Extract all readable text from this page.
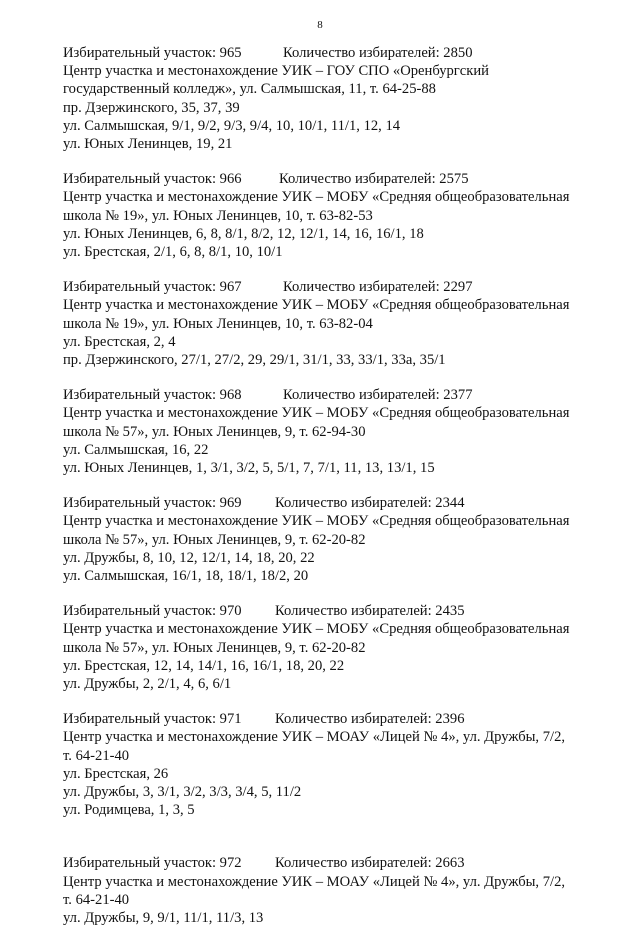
8
Избирательный участок: 965	Количество избирателей: 2850
Центр участка и местонахождение УИК – ГОУ СПО «Оренбургский
государственный колледж», ул. Салмышская, 11, т. 64-25-88
пр. Дзержинского, 35, 37, 39
ул. Салмышская, 9/1, 9/2, 9/3, 9/4, 10, 10/1, 11/1, 12, 14
ул. Юных Ленинцев, 19, 21
Избирательный участок: 966	Количество избирателей: 2575
Центр участка и местонахождение УИК – МОБУ «Средняя общеобразовательная
школа № 19», ул. Юных Ленинцев, 10, т. 63-82-53
ул. Юных Ленинцев, 6, 8, 8/1, 8/2, 12, 12/1, 14, 16, 16/1, 18
ул. Брестская, 2/1, 6, 8, 8/1, 10, 10/1
Избирательный участок: 967	Количество избирателей: 2297
Центр участка и местонахождение УИК – МОБУ «Средняя общеобразовательная
школа № 19», ул. Юных Ленинцев, 10, т. 63-82-04
ул. Брестская, 2, 4
пр. Дзержинского, 27/1, 27/2, 29, 29/1, 31/1, 33, 33/1, 33а, 35/1
Избирательный участок: 968	Количество избирателей: 2377
Центр участка и местонахождение УИК – МОБУ «Средняя общеобразовательная
школа № 57», ул. Юных Ленинцев, 9, т. 62-94-30
ул. Салмышская, 16, 22
ул. Юных Ленинцев, 1, 3/1, 3/2, 5, 5/1, 7, 7/1, 11, 13, 13/1, 15
Избирательный участок: 969 Количество избирателей: 2344
Центр участка и местонахождение УИК – МОБУ «Средняя общеобразовательная
школа № 57», ул. Юных Ленинцев, 9, т. 62-20-82
ул. Дружбы, 8, 10, 12, 12/1, 14, 18, 20, 22
ул. Салмышская, 16/1, 18, 18/1, 18/2, 20
Избирательный участок: 970 Количество избирателей: 2435
Центр участка и местонахождение УИК – МОБУ «Средняя общеобразовательная
школа № 57», ул. Юных Ленинцев, 9, т. 62-20-82
ул. Брестская, 12, 14, 14/1, 16, 16/1, 18, 20, 22
ул. Дружбы, 2, 2/1, 4, 6, 6/1
Избирательный участок: 971 Количество избирателей: 2396
Центр участка и местонахождение УИК – МОАУ «Лицей № 4», ул. Дружбы, 7/2,
т. 64-21-40
ул. Брестская, 26
ул. Дружбы, 3, 3/1, 3/2, 3/3, 3/4, 5, 11/2
ул. Родимцева, 1, 3, 5
Избирательный участок: 972 Количество избирателей: 2663
Центр участка и местонахождение УИК – МОАУ «Лицей № 4», ул. Дружбы, 7/2,
т. 64-21-40
ул. Дружбы, 9, 9/1, 11/1, 11/3, 13
